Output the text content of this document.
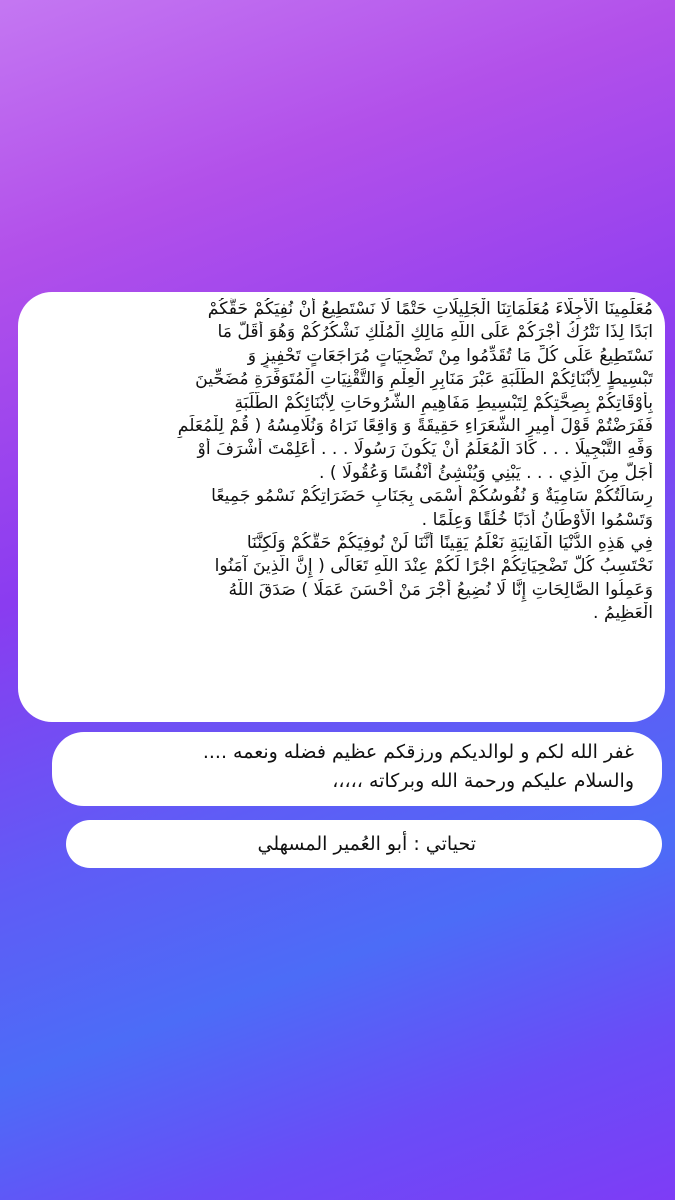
مُعَلِّمِينَا الْأَجِلَّاءَ مُعَلِّمَاتِنَا الْجَلِيلَاتِ حَتْمًا لَا نَسْتَطِيعُ أَنْ نُفِيَكُمْ حَقَّكُمْ
ابَدًا لِذَا نَتْرُكُ أَجْرَكُمْ عَلَى اللَّهِ مَالِكِ الْمُلْكِ نَشْكُرُكُمْ وَهُوَ أَقَلُّ مَا
نَسْتَطِيعُ عَلَى كُلِّ مَا تُقَدِّمُوا مِنْ تَضْحِيَاتٍ مُرَاجَعَاتٍ تَحْفِيزٍ وَ
تَبْسِيطٍ لِأَبْنَائِكُمْ الطَّلَبَةِ عَبْرَ مَنَابِرِ الْعِلْمِ وَالتَّقْنِيَاتِ الْمُتَوَفِّرَةِ مُضَحِّينَ
بِأَوْقَاتِكُمْ بِصِحَّتِكُمْ لِتَبْسِيطِ مَفَاهِيمِ الشُّرُوحَاتِ لِأَبْنَائِكُمْ الطَّلَبَةِ
فَفَرَضْتُمْ قَوْلَ أَمِيرِ الشُّعَرَاءِ حَقِيقَةً وَ وَاقِعًا نَرَاهُ وَنُلَامِسُهُ ( قُمْ لِلْمُعَلِّمِ
وَفِّهِ التَّبْجِيلَا . . . كَادَ الْمُعَلِّمُ أَنْ يَكُونَ رَسُولَا . . . أَعَلِمْتَ أَشْرَفَ أَوْ
أَجَلَّ مِنَ الَّذِي . . . يَبْنِي وَيُنْشِئُ أَنْفُسًا وَعُقُولَا ) .
رِسَالَتُكُمْ سَامِيَةٌ وَ نُفُوسُكُمْ أَسْمَى بِجَنَابِ حَضَرَاتِكُمْ نَسْمُو جَمِيعًا
وَتَسْمُوا الْأَوْطَانُ أَدَبًا خُلُقًا وَعِلْمًا .
فِي هَذِهِ الدُّنْيَا الْفَانِيَةِ نَعْلَمُ يَقِينًا أَنَّنَا لَنْ نُوفِيَكُمْ حَقَّكُمْ وَلَكِنَّنَا
نَحْتَسِبُ كُلَّ تَضْحِيَاتِكُمْ اجْرًا لَكُمْ عِنْدَ اللَّهِ تَعَالَى ( إِنَّ الَّذِينَ آمَنُوا
وَعَمِلُوا الصَّالِحَاتِ إِنَّا لَا نُضِيعُ أَجْرَ مَنْ أَحْسَنَ عَمَلًا ) صَدَقَ اللَّهُ
الْعَظِيمُ .
غفر الله لكم و لوالديكم ورزقكم عظيم فضله ونعمه ....
والسلام عليكم ورحمة الله وبركاته ،،،،،
تحياتي : أبو العُمير المسهلي
